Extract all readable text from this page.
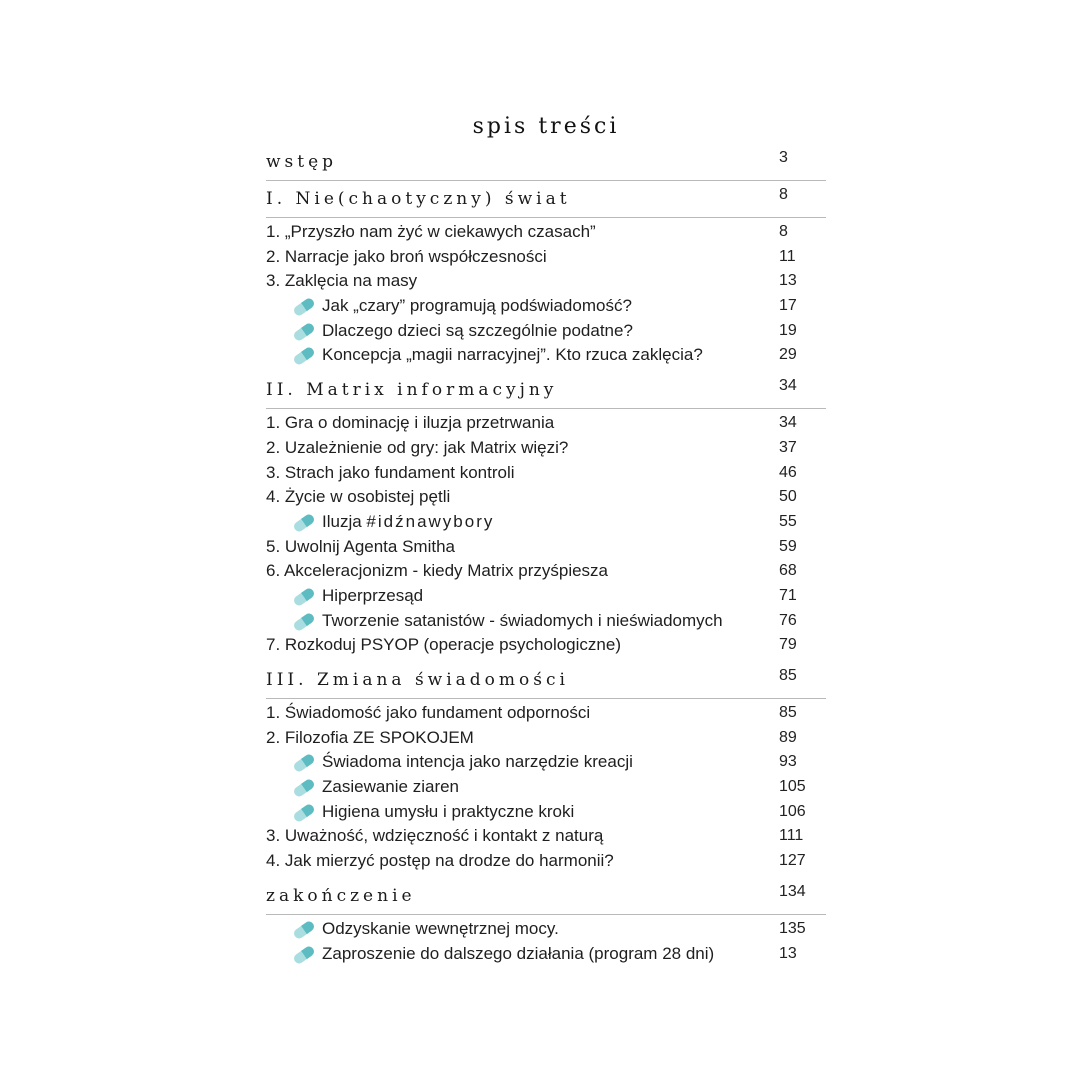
spis treści
wstęp	3
I. Nie(chaotyczny) świat	8
1. „Przyszło nam żyć w ciekawych czasach”	8
2. Narracje jako broń współczesności	11
3. Zaklęcia na masy	13
Jak „czary” programują podświadomość?	17
Dlaczego dzieci są szczególnie podatne?	19
Koncepcja „magii narracyjnej”. Kto rzuca zaklęcia?	29
II. Matrix informacyjny	34
1. Gra o dominację i iluzja przetrwania	34
2. Uzależnienie od gry: jak Matrix więzi?	37
3. Strach jako fundament kontroli	46
4. Życie w osobistej pętli	50
Iluzja #idźnawybory	55
5. Uwolnij Agenta Smitha	59
6. Akceleracjonizm - kiedy Matrix przyśpiesza	68
Hiperprzesąd	71
Tworzenie satanistów - świadomych i nieświadomych	76
7. Rozkoduj PSYOP (operacje psychologiczne)	79
III. Zmiana świadomości	85
1. Świadomość jako fundament odporności	85
2. Filozofia ZE SPOKOJEM	89
Świadoma intencja jako narzędzie kreacji	93
Zasiewanie ziaren	105
Higiena umysłu i praktyczne kroki	106
3. Uważność, wdzięczność i kontakt z naturą	111
4. Jak mierzyć postęp na drodze do harmonii?	127
zakończenie	134
Odzyskanie wewnętrznej mocy.	135
Zaproszenie do dalszego działania (program 28 dni)	13
